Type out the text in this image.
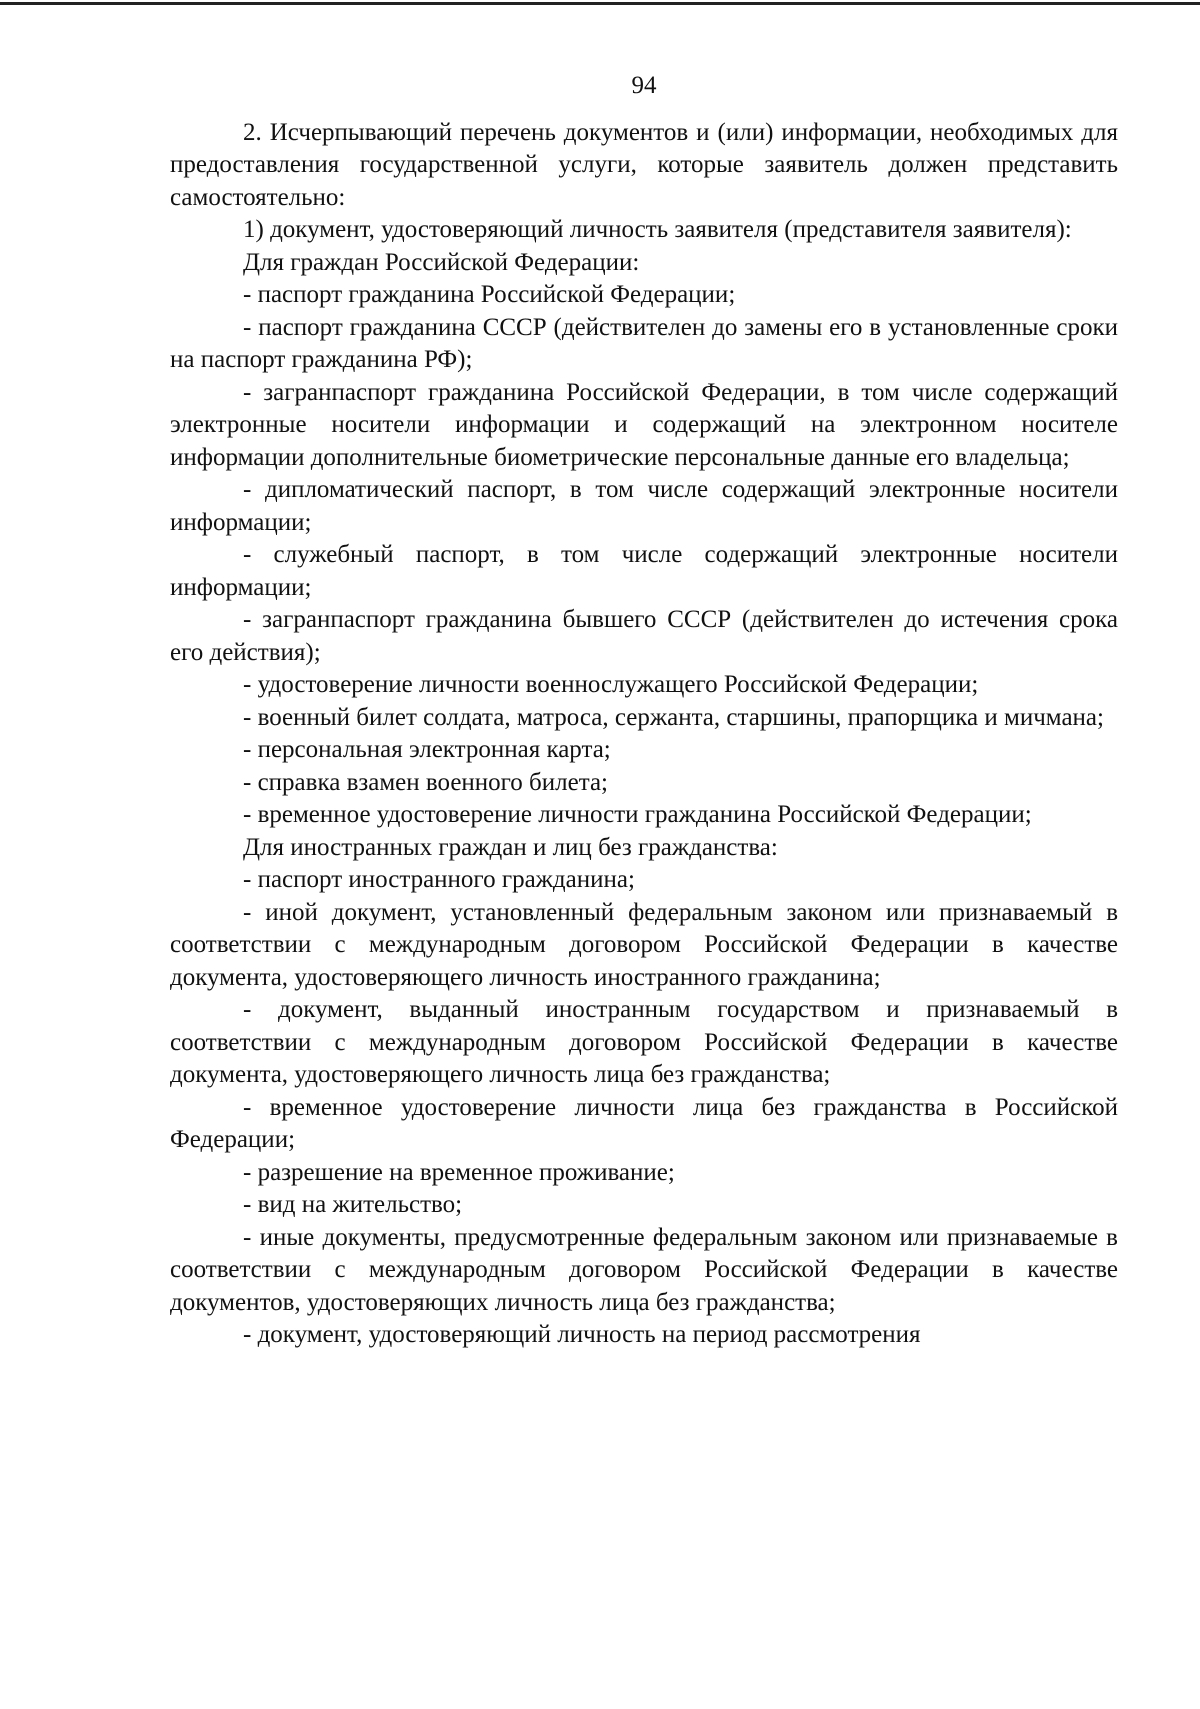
94

2. Исчерпывающий перечень документов и (или) информации, необходимых для предоставления государственной услуги, которые заявитель должен представить самостоятельно:

1) документ, удостоверяющий личность заявителя (представителя заявителя):

Для граждан Российской Федерации:

- паспорт гражданина Российской Федерации;

- паспорт гражданина СССР (действителен до замены его в установленные сроки на паспорт гражданина РФ);

- загранпаспорт гражданина Российской Федерации, в том числе содержащий электронные носители информации и содержащий на электронном носителе информации дополнительные биометрические персональные данные его владельца;

- дипломатический паспорт, в том числе содержащий электронные носители информации;

- служебный паспорт, в том числе содержащий электронные носители информации;

- загранпаспорт гражданина бывшего СССР (действителен до истечения срока его действия);

- удостоверение личности военнослужащего Российской Федерации;

- военный билет солдата, матроса, сержанта, старшины, прапорщика и мичмана;

- персональная электронная карта;

- справка взамен военного билета;

- временное удостоверение личности гражданина Российской Федерации;

Для иностранных граждан и лиц без гражданства:

- паспорт иностранного гражданина;

- иной документ, установленный федеральным законом или признаваемый в соответствии с международным договором Российской Федерации в качестве документа, удостоверяющего личность иностранного гражданина;

- документ, выданный иностранным государством и признаваемый в соответствии с международным договором Российской Федерации в качестве документа, удостоверяющего личность лица без гражданства;

- временное удостоверение личности лица без гражданства в Российской Федерации;

- разрешение на временное проживание;

- вид на жительство;

- иные документы, предусмотренные федеральным законом или признаваемые в соответствии с международным договором Российской Федерации в качестве документов, удостоверяющих личность лица без гражданства;

- документ, удостоверяющий личность на период рассмотрения
